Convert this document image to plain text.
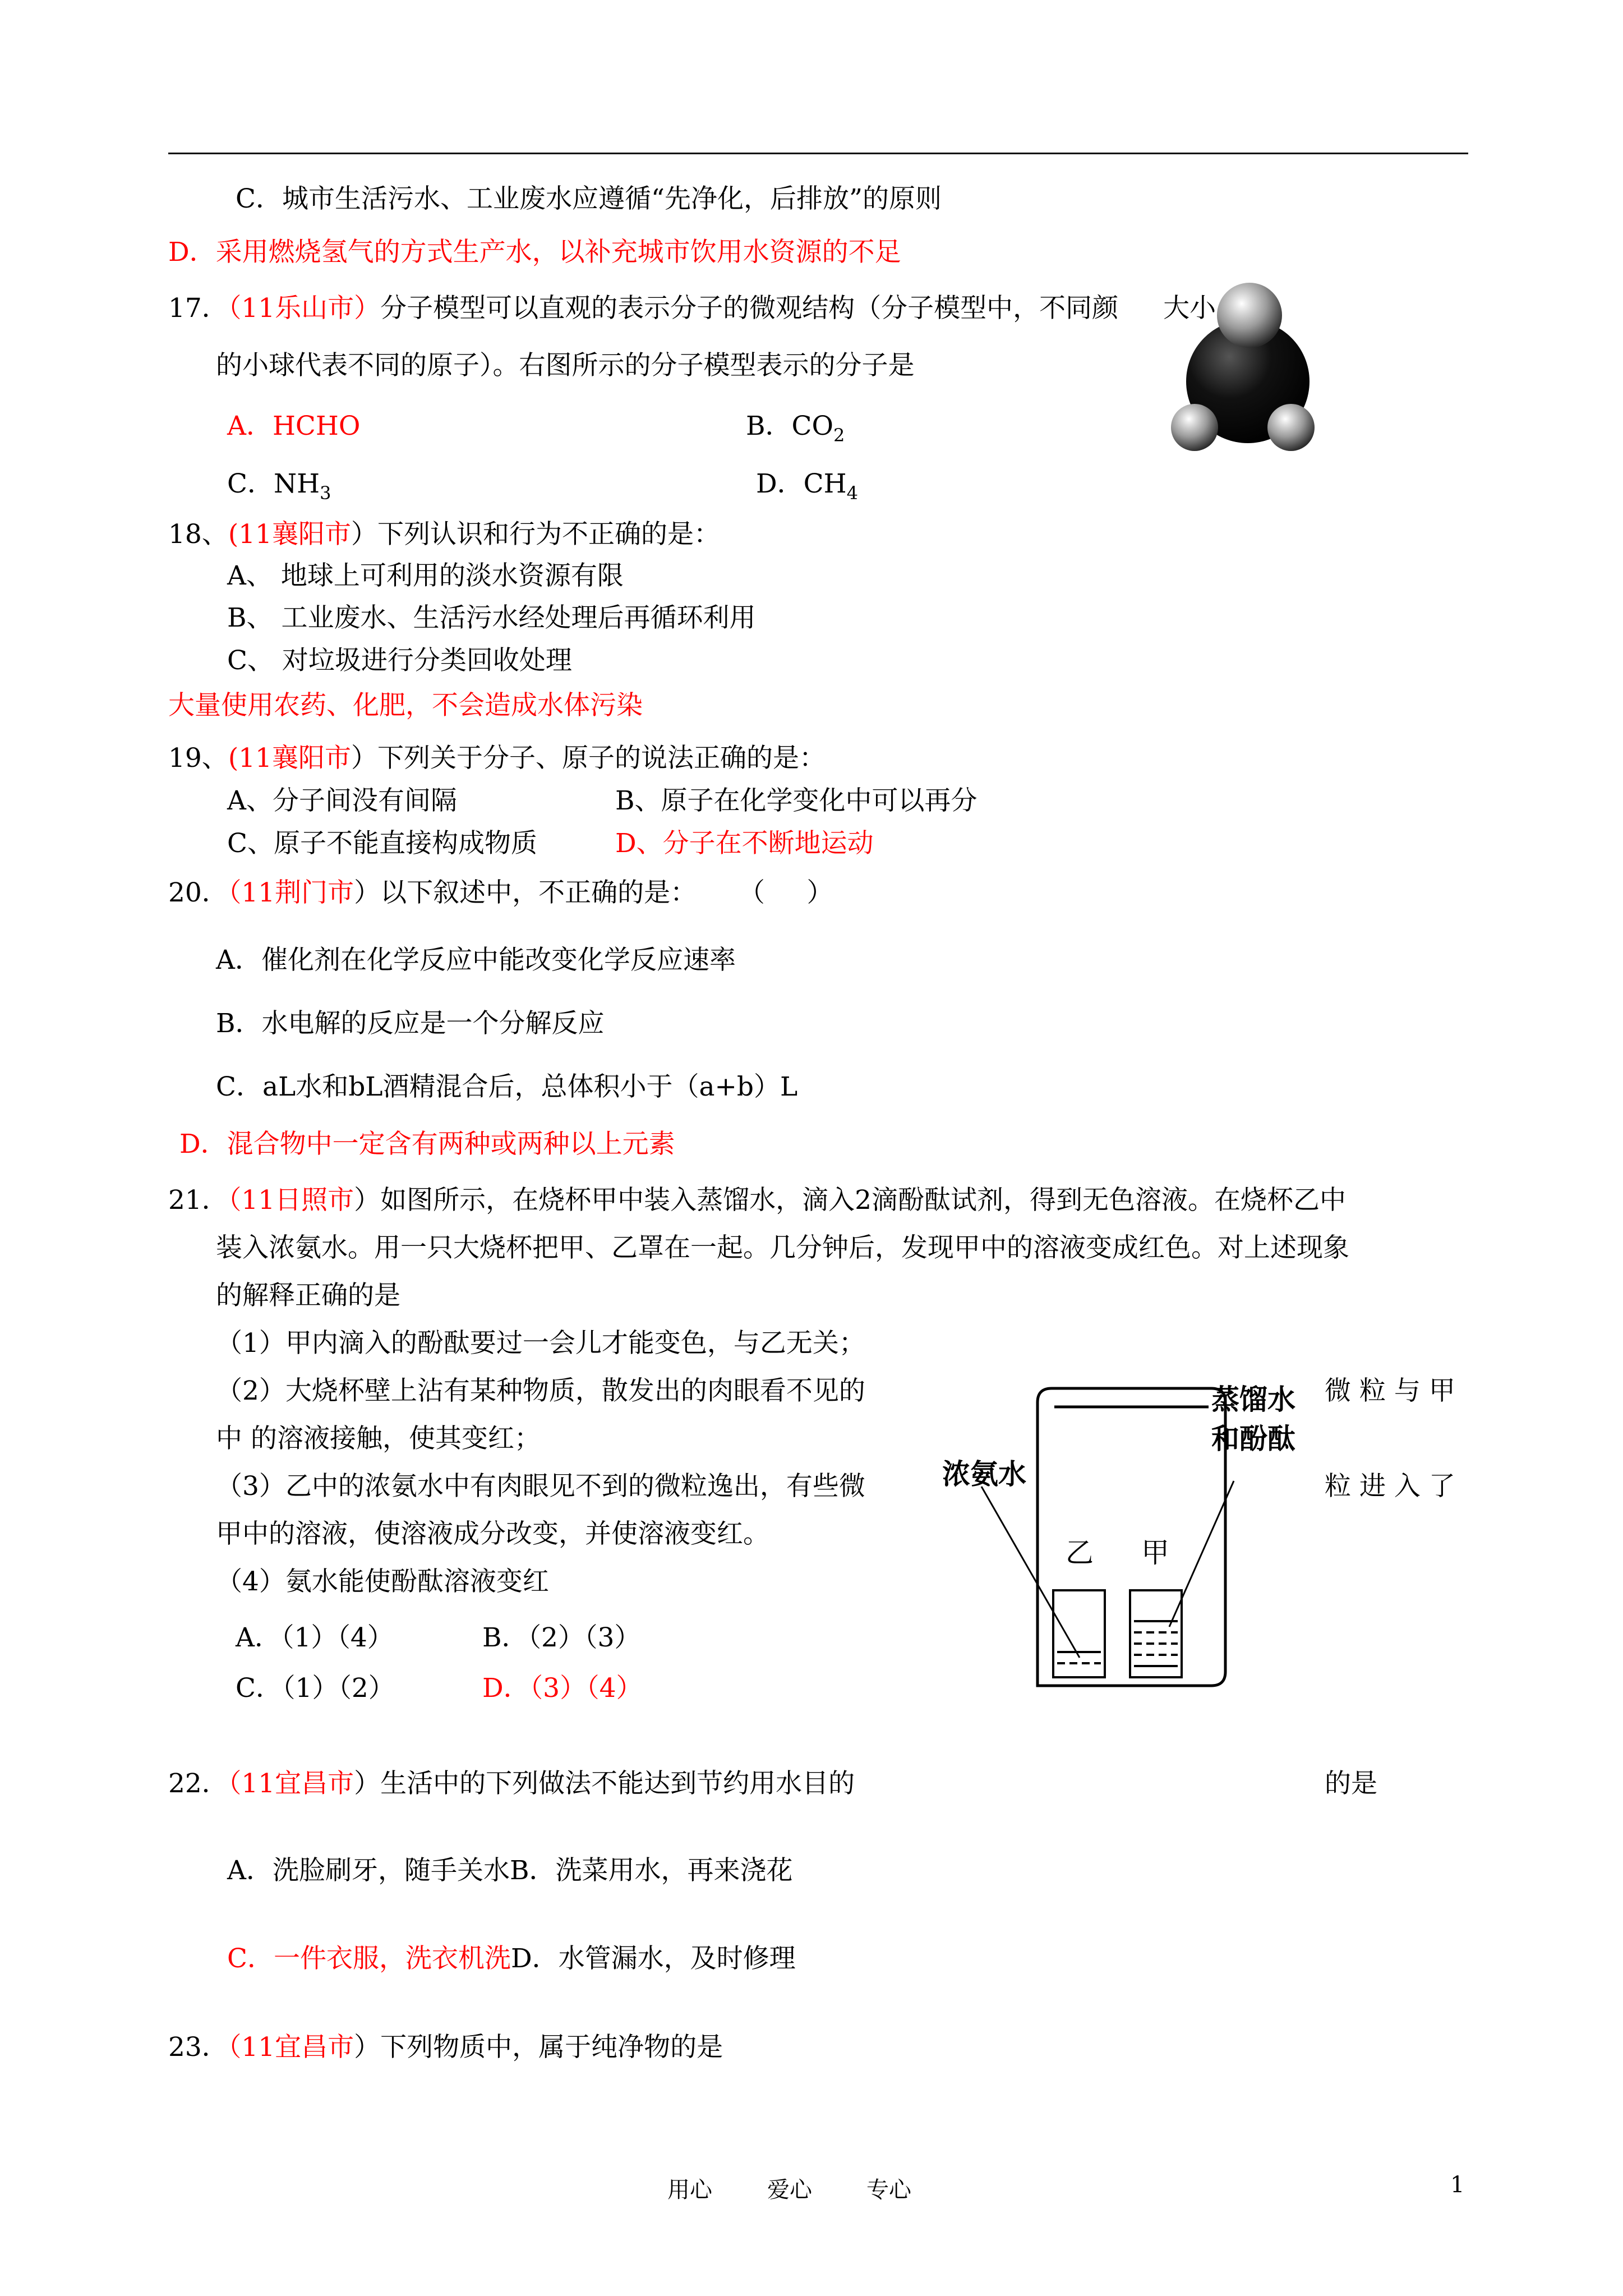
C．城市生活污水、工业废水应遵循“先净化，后排放”的原则
D．采用燃烧氢气的方式生产水，以补充城市饮用水资源的不足
17．（11乐山市）分子模型可以直观的表示分子的微观结构（分子模型中，不同颜 大小
的小球代表不同的原子）。右图所示的分子模型表示的分子是
A．HCHO	B．$CO_2$
C．$NH_3$	D．$CH_4$
18、(11襄阳市）下列认识和行为不正确的是：
A、 地球上可利用的淡水资源有限
B、 工业废水、生活污水经处理后再循环利用
C、 对垃圾进行分类回收处理
大量使用农药、化肥，不会造成水体污染
19、(11襄阳市）下列关于分子、原子的说法正确的是：
A、分子间没有间隔	B、原子在化学变化中可以再分
C、原子不能直接构成物质	D、分子在不断地运动
20．（11荆门市）以下叙述中，不正确的是：     （     ）
A．催化剂在化学反应中能改变化学反应速率
B．水电解的反应是一个分解反应
C．aL水和bL酒精混合后，总体积小于（a+b）L
D．混合物中一定含有两种或两种以上元素
21．（11日照市）如图所示，在烧杯甲中装入蒸馏水，滴入2滴酚酞试剂，得到无色溶液。在烧杯乙中
装入浓氨水。用一只大烧杯把甲、乙罩在一起。几分钟后，发现甲中的溶液变成红色。对上述现象
的解释正确的是
（1）甲内滴入的酚酞要过一会儿才能变色，与乙无关；
（2）大烧杯壁上沾有某种物质，散发出的肉眼看不见的	微 粒 与 甲
中 的溶液接触，使其变红；
（3）乙中的浓氨水中有肉眼见不到的微粒逸出，有些微	粒 进 入 了
甲中的溶液，使溶液成分改变，并使溶液变红。
（4）氨水能使酚酞溶液变红
A．（1）（4）	B．（2）（3）
C．（1）（2）	D．（3）（4）
浓氨水
蒸馏水
和酚酞
乙 甲
22．（11宜昌市）生活中的下列做法不能达到节约用水目的	的是
A．洗脸刷牙，随手关水B．洗菜用水，再来浇花
C．一件衣服，洗衣机洗D．水管漏水，及时修理
23．（11宜昌市）下列物质中，属于纯净物的是
用心 爱心 专心	1
